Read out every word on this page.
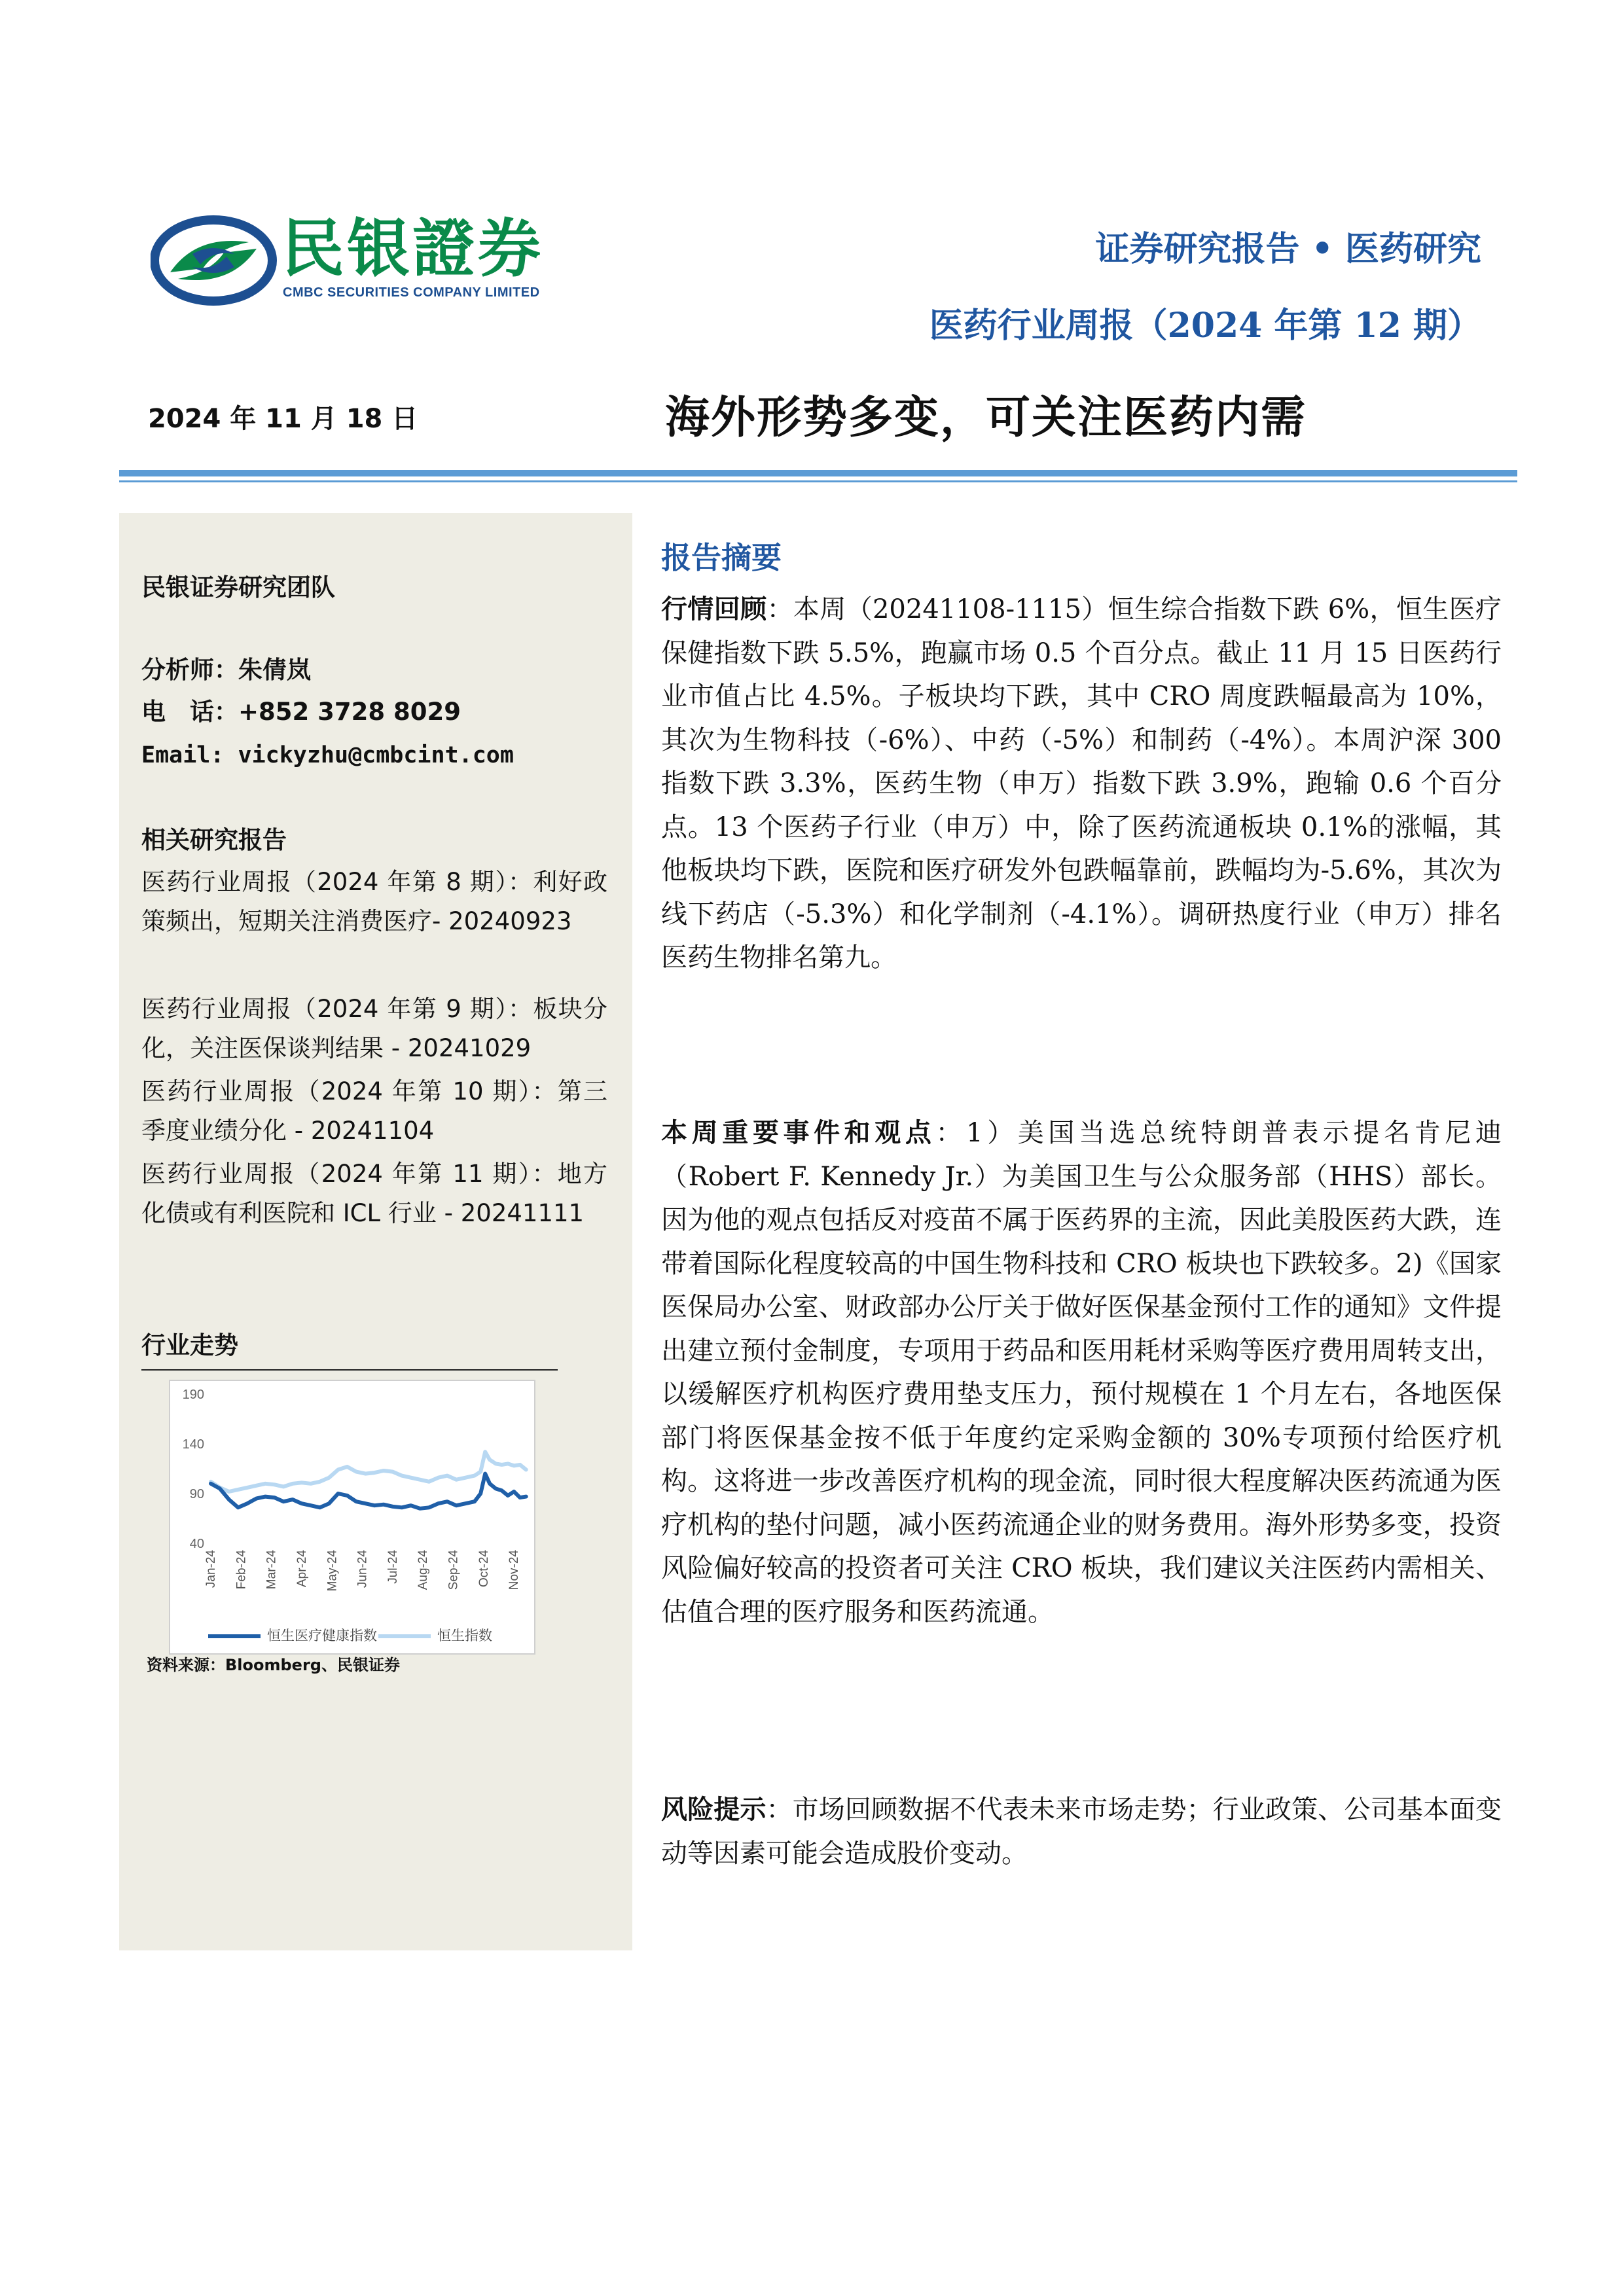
民银證券
CMBC SECURITIES COMPANY LIMITED
证券研究报告 • 医药研究
医药行业周报（2024 年第 12 期）
2024 年 11 月 18 日	海外形势多变，可关注医药内需
民银证券研究团队
分析师：朱倩岚
电　话：+852 3728 8029
Email: vickyzhu@cmbcint.com
相关研究报告
医药行业周报（2024 年第 8 期）：利好政策频出，短期关注消费医疗- 20240923
医药行业周报（2024 年第 9 期）：板块分化，关注医保谈判结果 - 20241029
医药行业周报（2024 年第 10 期）：第三季度业绩分化 - 20241104
医药行业周报（2024 年第 11 期）：地方化债或有利医院和 ICL 行业 - 20241111
行业走势
40
90
140
190
Jan-24 Feb-24 Mar-24 Apr-24 May-24 Jun-24 Jul-24 Aug-24 Sep-24 Oct-24 Nov-24
恒生医疗健康指数	恒生指数
资料来源：Bloomberg、民银证券
报告摘要

行情回顾：本周（20241108-1115）恒生综合指数下跌 6%，恒生医疗保健指数下跌 5.5%，跑赢市场 0.5 个百分点。截止 11 月 15 日医药行业市值占比 4.5%。子板块均下跌，其中 CRO 周度跌幅最高为 10%，其次为生物科技（-6%）、中药（-5%）和制药（-4%）。本周沪深 300 指数下跌 3.3%，医药生物（申万）指数下跌 3.9%，跑输 0.6 个百分点。13 个医药子行业（申万）中，除了医药流通板块 0.1%的涨幅，其他板块均下跌，医院和医疗研发外包跌幅靠前，跌幅均为-5.6%，其次为线下药店（-5.3%）和化学制剂（-4.1%）。调研热度行业（申万）排名医药生物排名第九。

本周重要事件和观点：1）美国当选总统特朗普表示提名肯尼迪（Robert F. Kennedy Jr.）为美国卫生与公众服务部（HHS）部长。因为他的观点包括反对疫苗不属于医药界的主流，因此美股医药大跌，连带着国际化程度较高的中国生物科技和 CRO 板块也下跌较多。2)《国家医保局办公室、财政部办公厅关于做好医保基金预付工作的通知》文件提出建立预付金制度，专项用于药品和医用耗材采购等医疗费用周转支出，以缓解医疗机构医疗费用垫支压力，预付规模在 1 个月左右，各地医保部门将医保基金按不低于年度约定采购金额的 30%专项预付给医疗机构。这将进一步改善医疗机构的现金流，同时很大程度解决医药流通为医疗机构的垫付问题，减小医药流通企业的财务费用。海外形势多变，投资风险偏好较高的投资者可关注 CRO 板块，我们建议关注医药内需相关、估值合理的医疗服务和医药流通。

风险提示：市场回顾数据不代表未来市场走势；行业政策、公司基本面变动等因素可能会造成股价变动。
